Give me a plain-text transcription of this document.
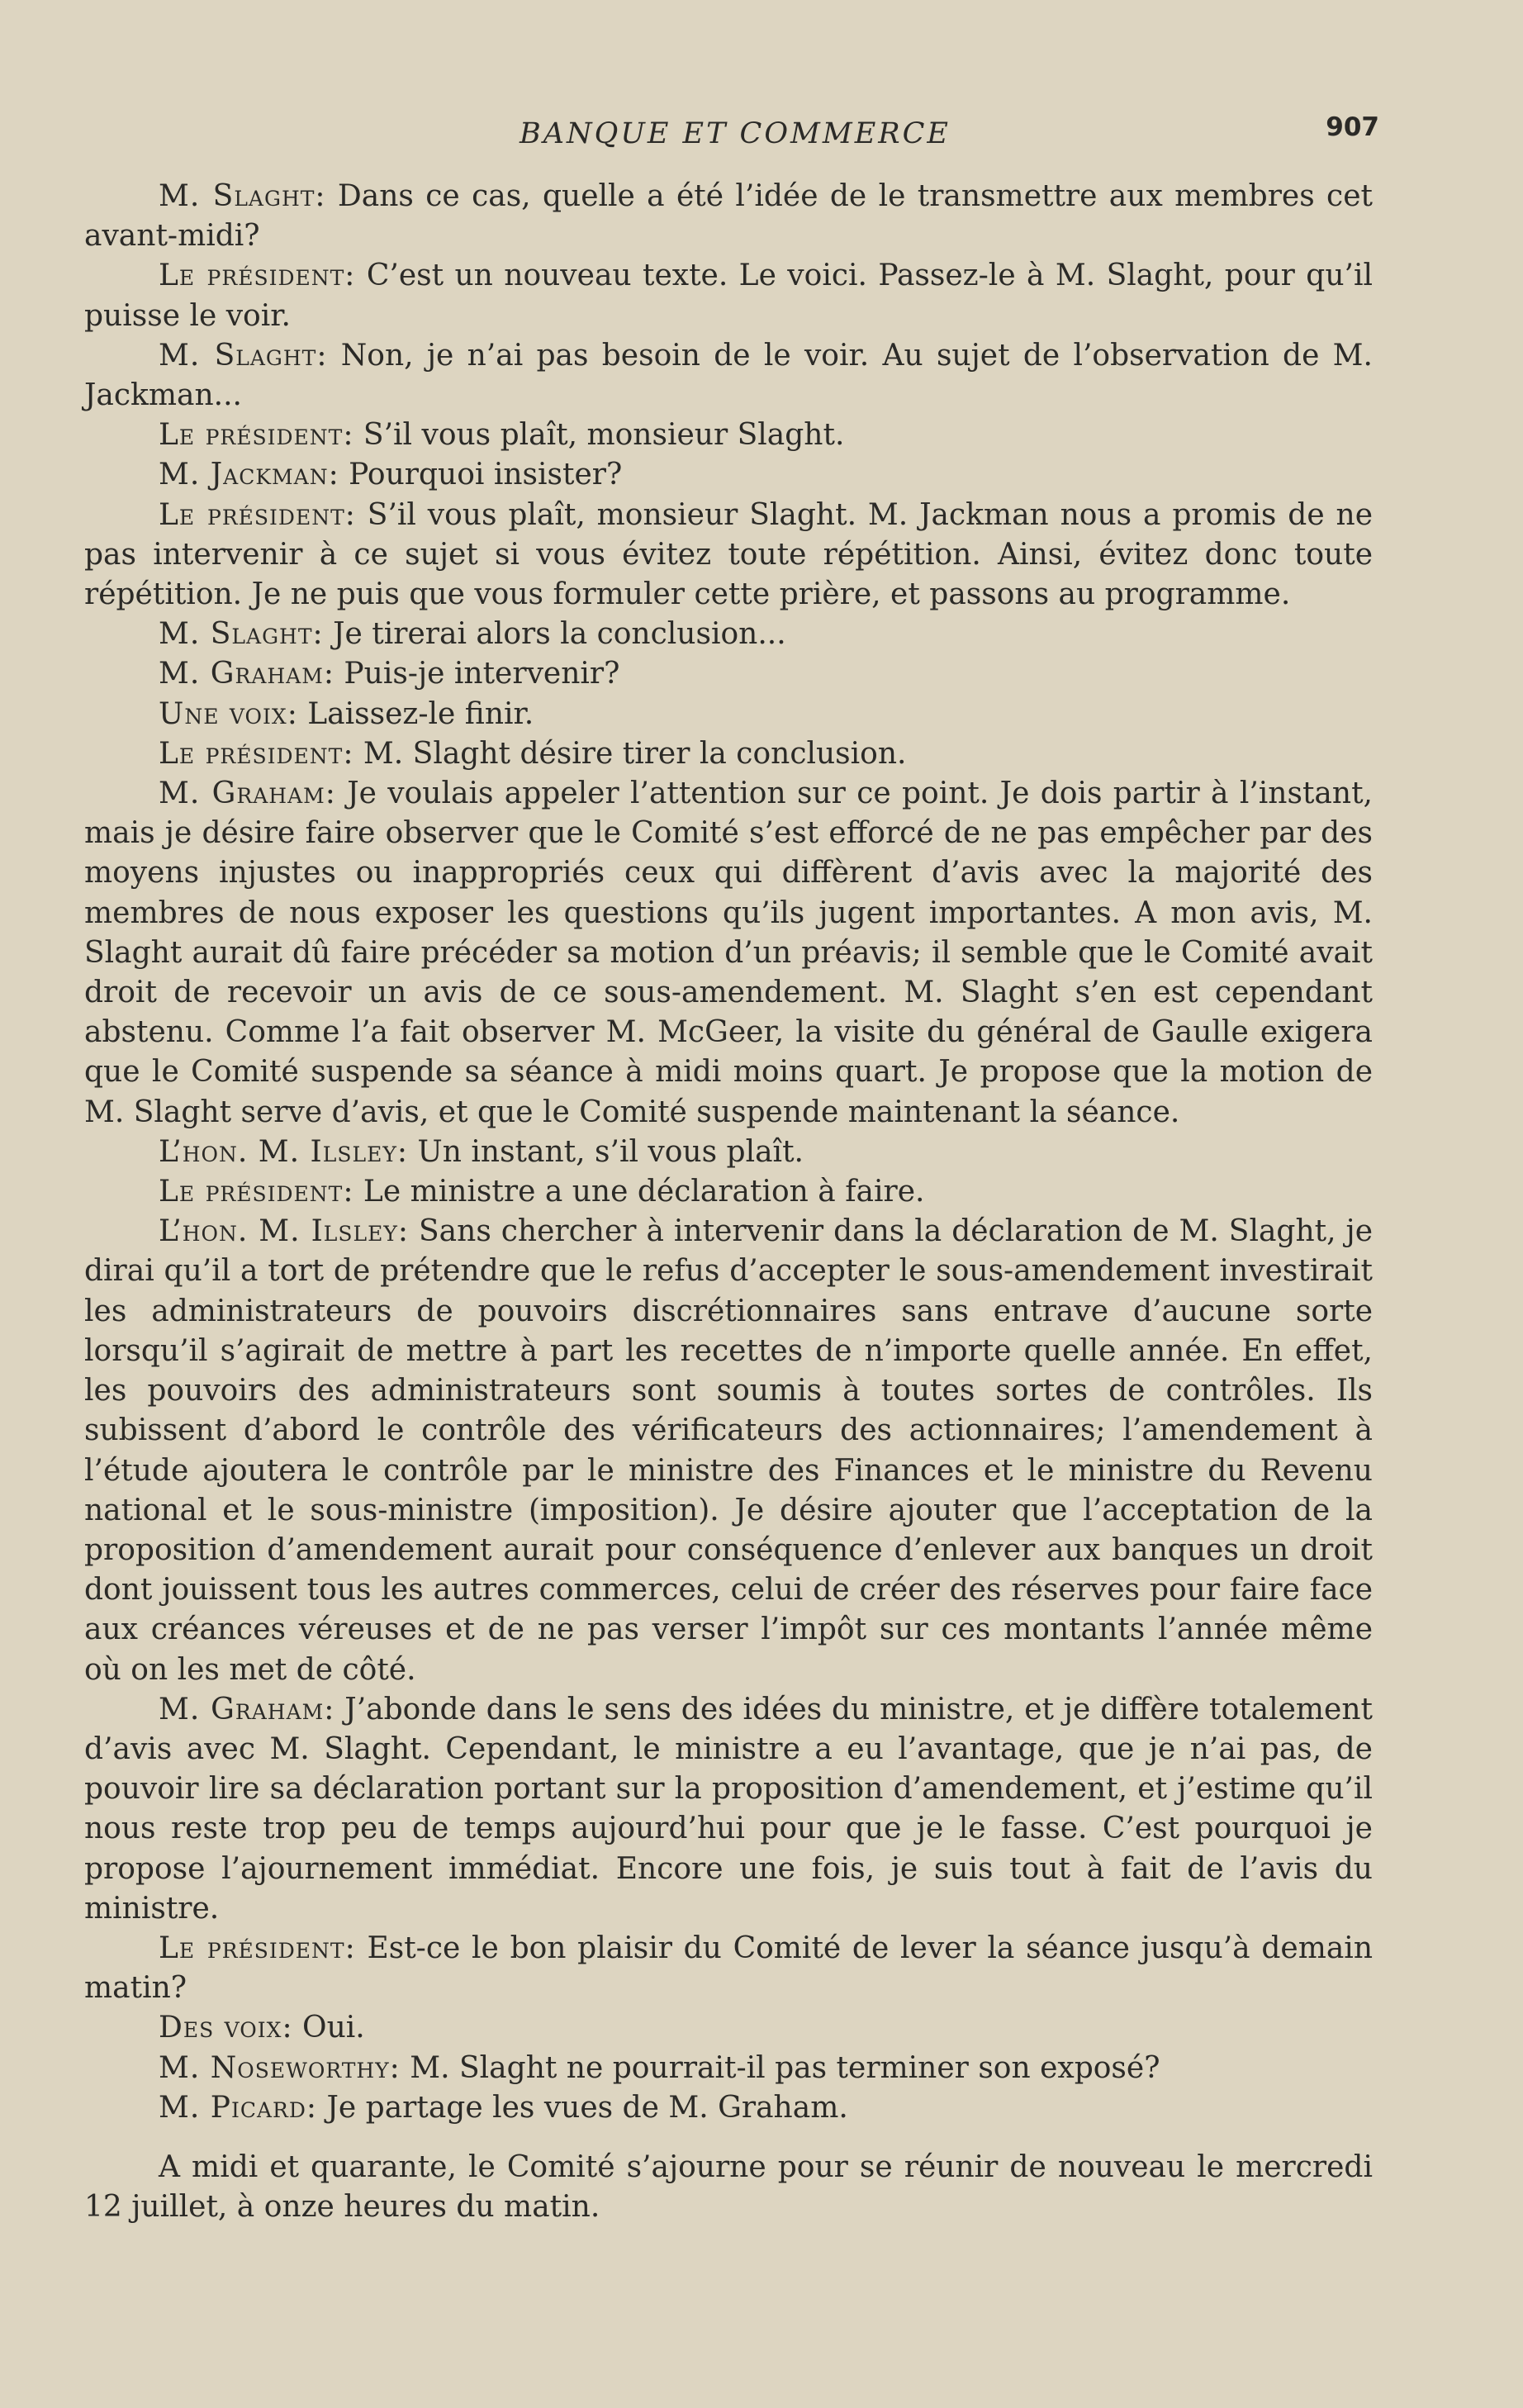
BANQUE ET COMMERCE	907

M. Slaght: Dans ce cas, quelle a été l’idée de le transmettre aux membres cet avant-midi?

Le président: C’est un nouveau texte. Le voici. Passez-le à M. Slaght, pour qu’il puisse le voir.

M. Slaght: Non, je n’ai pas besoin de le voir. Au sujet de l’observation de M. Jackman...

Le président: S’il vous plaît, monsieur Slaght.

M. Jackman: Pourquoi insister?

Le président: S’il vous plaît, monsieur Slaght. M. Jackman nous a promis de ne pas intervenir à ce sujet si vous évitez toute répétition. Ainsi, évitez donc toute répétition. Je ne puis que vous formuler cette prière, et passons au programme.

M. Slaght: Je tirerai alors la conclusion...

M. Graham: Puis-je intervenir?

Une voix: Laissez-le finir.

Le président: M. Slaght désire tirer la conclusion.

M. Graham: Je voulais appeler l’attention sur ce point. Je dois partir à l’instant, mais je désire faire observer que le Comité s’est efforcé de ne pas empêcher par des moyens injustes ou inappropriés ceux qui diffèrent d’avis avec la majorité des membres de nous exposer les questions qu’ils jugent importantes. A mon avis, M. Slaght aurait dû faire précéder sa motion d’un préavis; il semble que le Comité avait droit de recevoir un avis de ce sous-amendement. M. Slaght s’en est cependant abstenu. Comme l’a fait observer M. McGeer, la visite du général de Gaulle exigera que le Comité suspende sa séance à midi moins quart. Je propose que la motion de M. Slaght serve d’avis, et que le Comité suspende maintenant la séance.

L’hon. M. Ilsley: Un instant, s’il vous plaît.

Le président: Le ministre a une déclaration à faire.

L’hon. M. Ilsley: Sans chercher à intervenir dans la déclaration de M. Slaght, je dirai qu’il a tort de prétendre que le refus d’accepter le sous-amendement investirait les administrateurs de pouvoirs discrétionnaires sans entrave d’aucune sorte lorsqu’il s’agirait de mettre à part les recettes de n’importe quelle année. En effet, les pouvoirs des administrateurs sont soumis à toutes sortes de contrôles. Ils subissent d’abord le contrôle des vérificateurs des actionnaires; l’amendement à l’étude ajoutera le contrôle par le ministre des Finances et le ministre du Revenu national et le sous-ministre (imposition). Je désire ajouter que l’acceptation de la proposition d’amendement aurait pour conséquence d’enlever aux banques un droit dont jouissent tous les autres commerces, celui de créer des réserves pour faire face aux créances véreuses et de ne pas verser l’impôt sur ces montants l’année même où on les met de côté.

M. Graham: J’abonde dans le sens des idées du ministre, et je diffère totalement d’avis avec M. Slaght. Cependant, le ministre a eu l’avantage, que je n’ai pas, de pouvoir lire sa déclaration portant sur la proposition d’amendement, et j’estime qu’il nous reste trop peu de temps aujourd’hui pour que je le fasse. C’est pourquoi je propose l’ajournement immédiat. Encore une fois, je suis tout à fait de l’avis du ministre.

Le président: Est-ce le bon plaisir du Comité de lever la séance jusqu’à demain matin?

Des voix: Oui.

M. Noseworthy: M. Slaght ne pourrait-il pas terminer son exposé?

M. Picard: Je partage les vues de M. Graham.

A midi et quarante, le Comité s’ajourne pour se réunir de nouveau le mercredi 12 juillet, à onze heures du matin.
